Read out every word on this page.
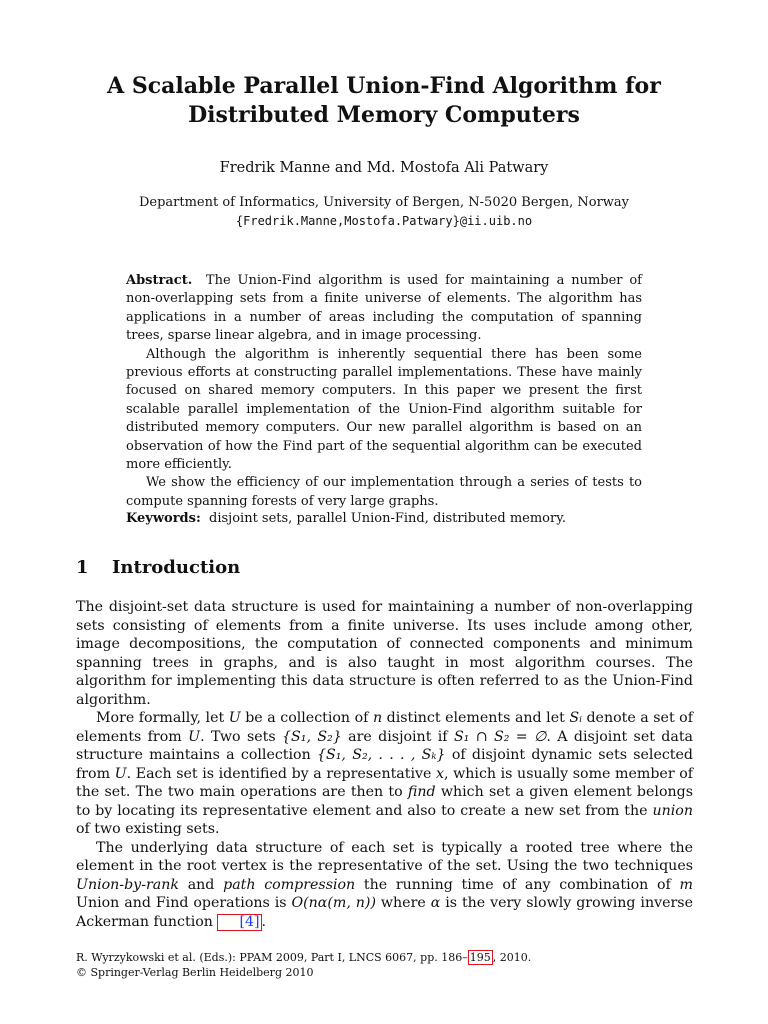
A Scalable Parallel Union-Find Algorithm for
Distributed Memory Computers
Fredrik Manne and Md. Mostofa Ali Patwary
Department of Informatics, University of Bergen, N-5020 Bergen, Norway
{Fredrik.Manne,Mostofa.Patwary}@ii.uib.no

Abstract. The Union-Find algorithm is used for maintaining a number of non-overlapping sets from a finite universe of elements. The algorithm has applications in a number of areas including the computation of spanning trees, sparse linear algebra, and in image processing.

Although the algorithm is inherently sequential there has been some previous efforts at constructing parallel implementations. These have mainly focused on shared memory computers. In this paper we present the first scalable parallel implementation of the Union-Find algorithm suitable for distributed memory computers. Our new parallel algorithm is based on an observation of how the Find part of the sequential algorithm can be executed more efficiently.

We show the efficiency of our implementation through a series of tests to compute spanning forests of very large graphs.

Keywords: disjoint sets, parallel Union-Find, distributed memory.
1 Introduction

The disjoint-set data structure is used for maintaining a number of non-overlapping sets consisting of elements from a finite universe. Its uses include among other, image decompositions, the computation of connected components and minimum spanning trees in graphs, and is also taught in most algorithm courses. The algorithm for implementing this data structure is often referred to as the Union-Find algorithm.

More formally, let U be a collection of n distinct elements and let Sᵢ denote a set of elements from U. Two sets {S₁, S₂} are disjoint if S₁ ∩ S₂ = ∅. A disjoint set data structure maintains a collection {S₁, S₂, . . . , Sₖ} of disjoint dynamic sets selected from U. Each set is identified by a representative x, which is usually some member of the set. The two main operations are then to find which set a given element belongs to by locating its representative element and also to create a new set from the union of two existing sets.

The underlying data structure of each set is typically a rooted tree where the element in the root vertex is the representative of the set. Using the two techniques Union-by-rank and path compression the running time of any combination of m Union and Find operations is O(nα(m, n)) where α is the very slowly growing inverse Ackerman function [4] .

R. Wyrzykowski et al. (Eds.): PPAM 2009, Part I, LNCS 6067, pp. 186– 195 , 2010.
© Springer-Verlag Berlin Heidelberg 2010
